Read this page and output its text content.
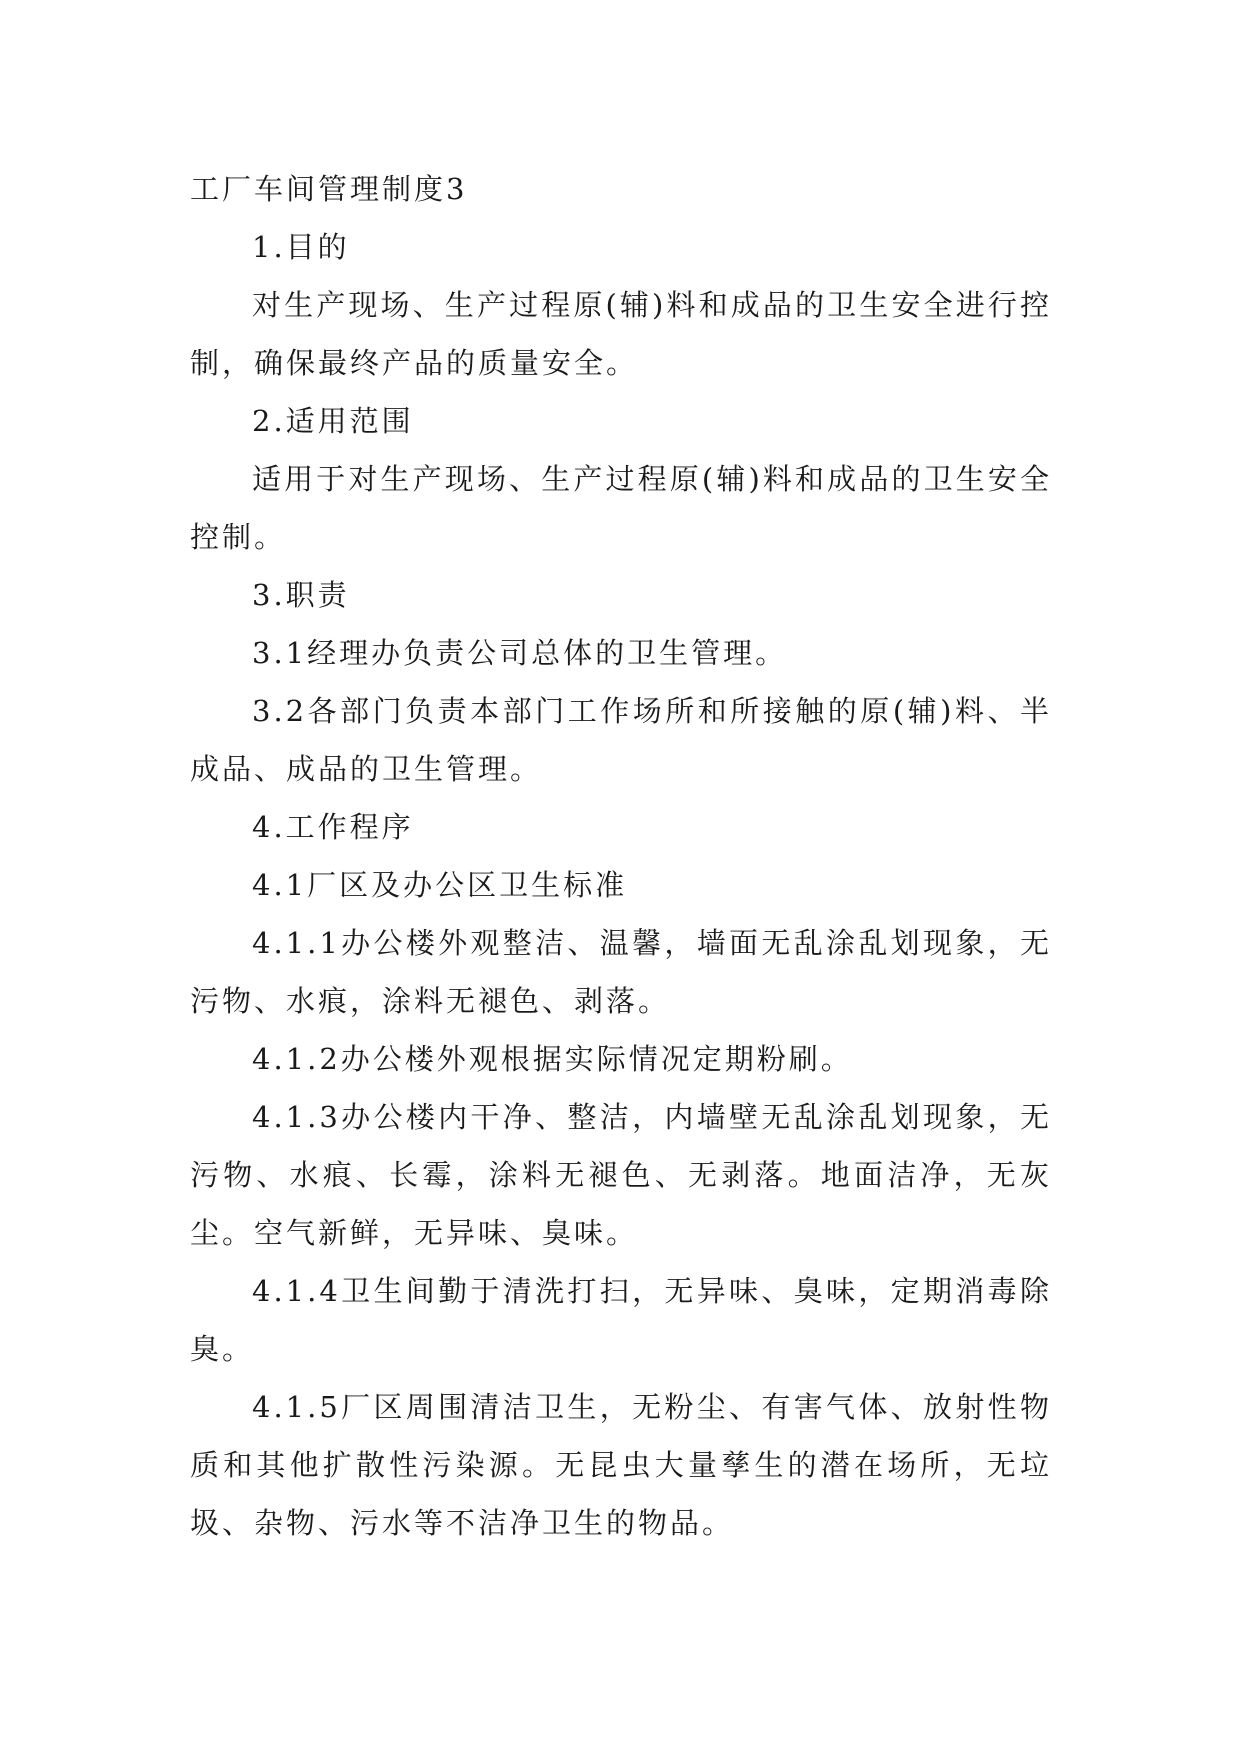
工厂车间管理制度3

1.目的

对生产现场、生产过程原(辅)料和成品的卫生安全进行控制，确保最终产品的质量安全。

2.适用范围

适用于对生产现场、生产过程原(辅)料和成品的卫生安全控制。

3.职责

3.1经理办负责公司总体的卫生管理。

3.2各部门负责本部门工作场所和所接触的原(辅)料、半成品、成品的卫生管理。

4.工作程序

4.1厂区及办公区卫生标准

4.1.1办公楼外观整洁、温馨，墙面无乱涂乱划现象，无污物、水痕，涂料无褪色、剥落。

4.1.2办公楼外观根据实际情况定期粉刷。

4.1.3办公楼内干净、整洁，内墙壁无乱涂乱划现象，无污物、水痕、长霉，涂料无褪色、无剥落。地面洁净，无灰尘。空气新鲜，无异味、臭味。

4.1.4卫生间勤于清洗打扫，无异味、臭味，定期消毒除臭。

4.1.5厂区周围清洁卫生，无粉尘、有害气体、放射性物质和其他扩散性污染源。无昆虫大量孳生的潜在场所，无垃圾、杂物、污水等不洁净卫生的物品。
